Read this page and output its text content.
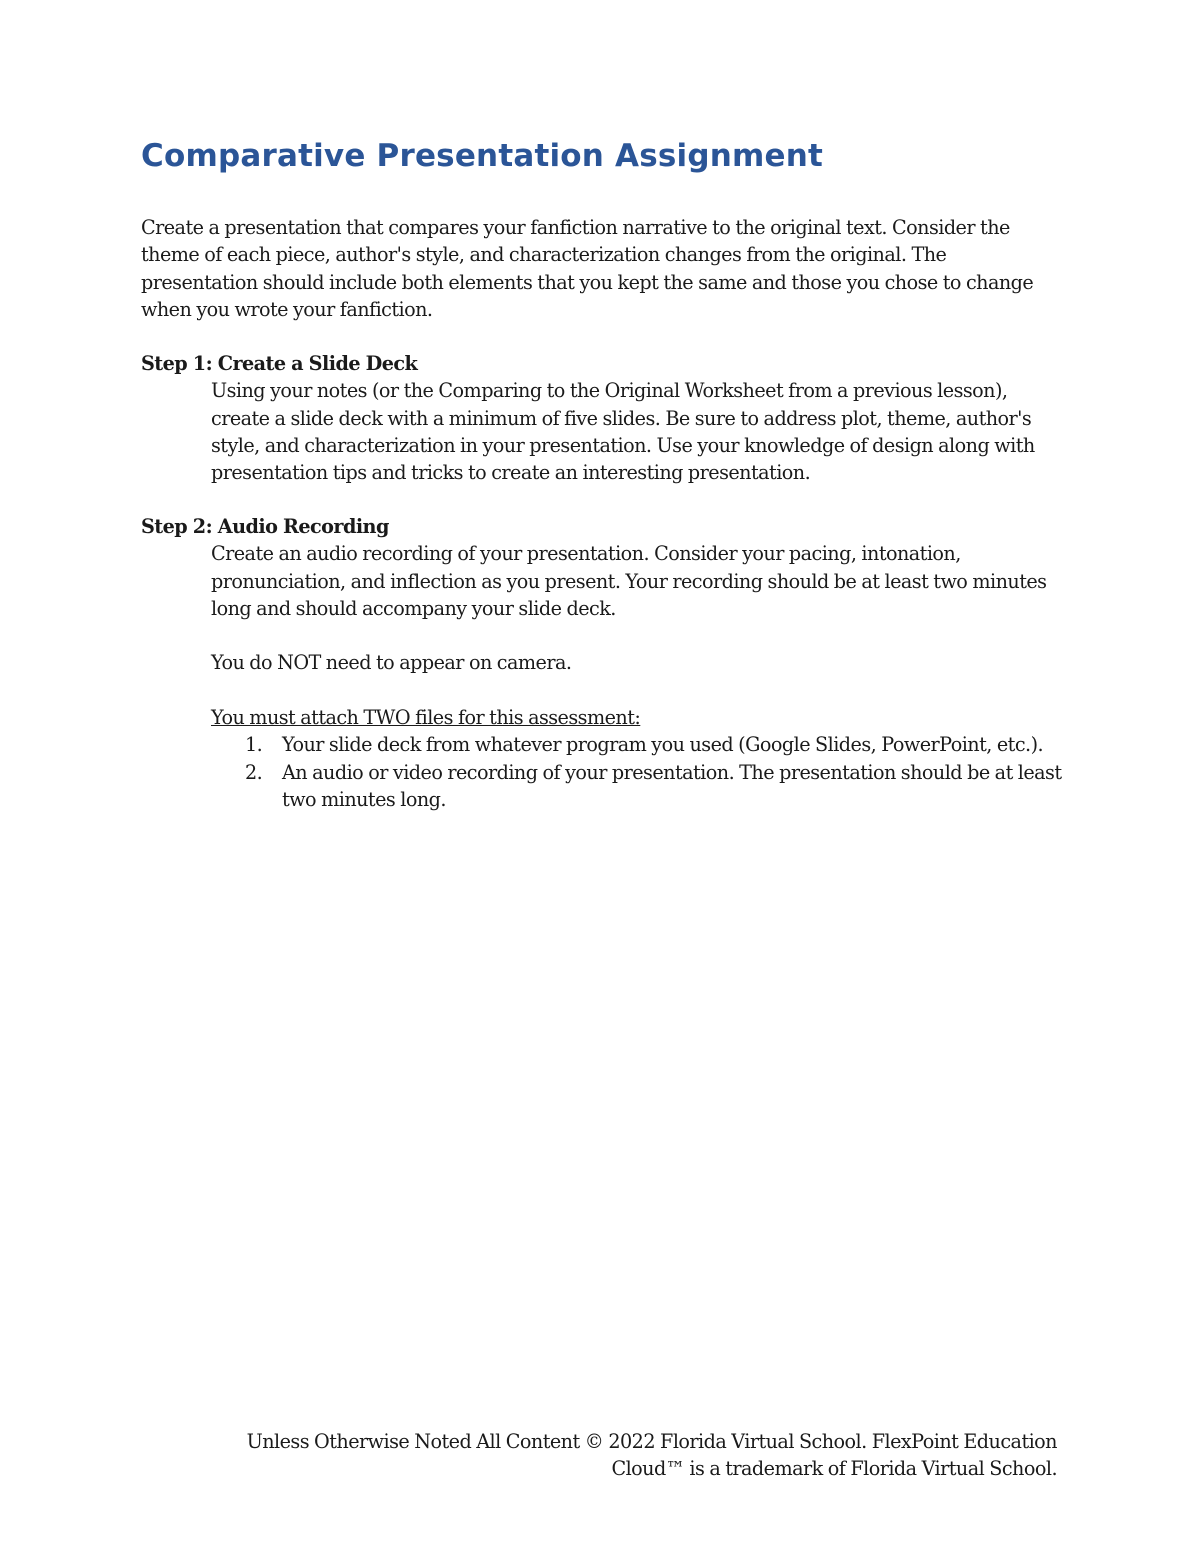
Comparative Presentation Assignment

Create a presentation that compares your fanfiction narrative to the original text. Consider the theme of each piece, author's style, and characterization changes from the original. The presentation should include both elements that you kept the same and those you chose to change when you wrote your fanfiction.

Step 1: Create a Slide Deck

Using your notes (or the Comparing to the Original Worksheet from a previous lesson), create a slide deck with a minimum of five slides. Be sure to address plot, theme, author's style, and characterization in your presentation. Use your knowledge of design along with presentation tips and tricks to create an interesting presentation.

Step 2: Audio Recording

Create an audio recording of your presentation. Consider your pacing, intonation, pronunciation, and inflection as you present. Your recording should be at least two minutes long and should accompany your slide deck.

You do NOT need to appear on camera.

You must attach TWO files for this assessment:

1. Your slide deck from whatever program you used (Google Slides, PowerPoint, etc.).
2. An audio or video recording of your presentation. The presentation should be at least two minutes long.

Unless Otherwise Noted All Content © 2022 Florida Virtual School. FlexPoint Education
Cloud™ is a trademark of Florida Virtual School.
